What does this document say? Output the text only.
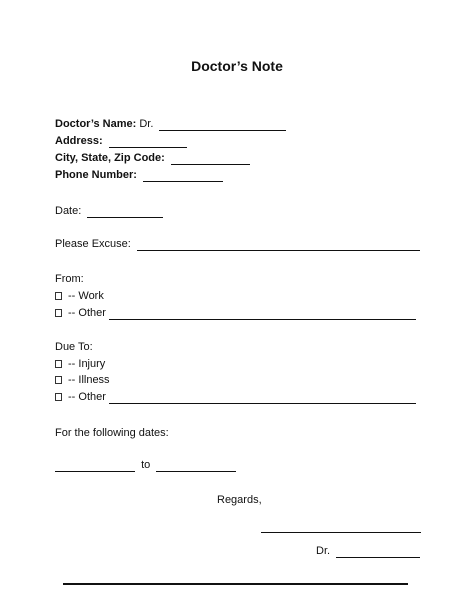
Doctor’s Note
Doctor’s Name: Dr.
Address:
City, State, Zip Code:
Phone Number:
Date:
Please Excuse:
From:
-- Work
-- Other
Due To:
-- Injury
-- Illness
-- Other
For the following dates:
to
Regards,
Dr.
